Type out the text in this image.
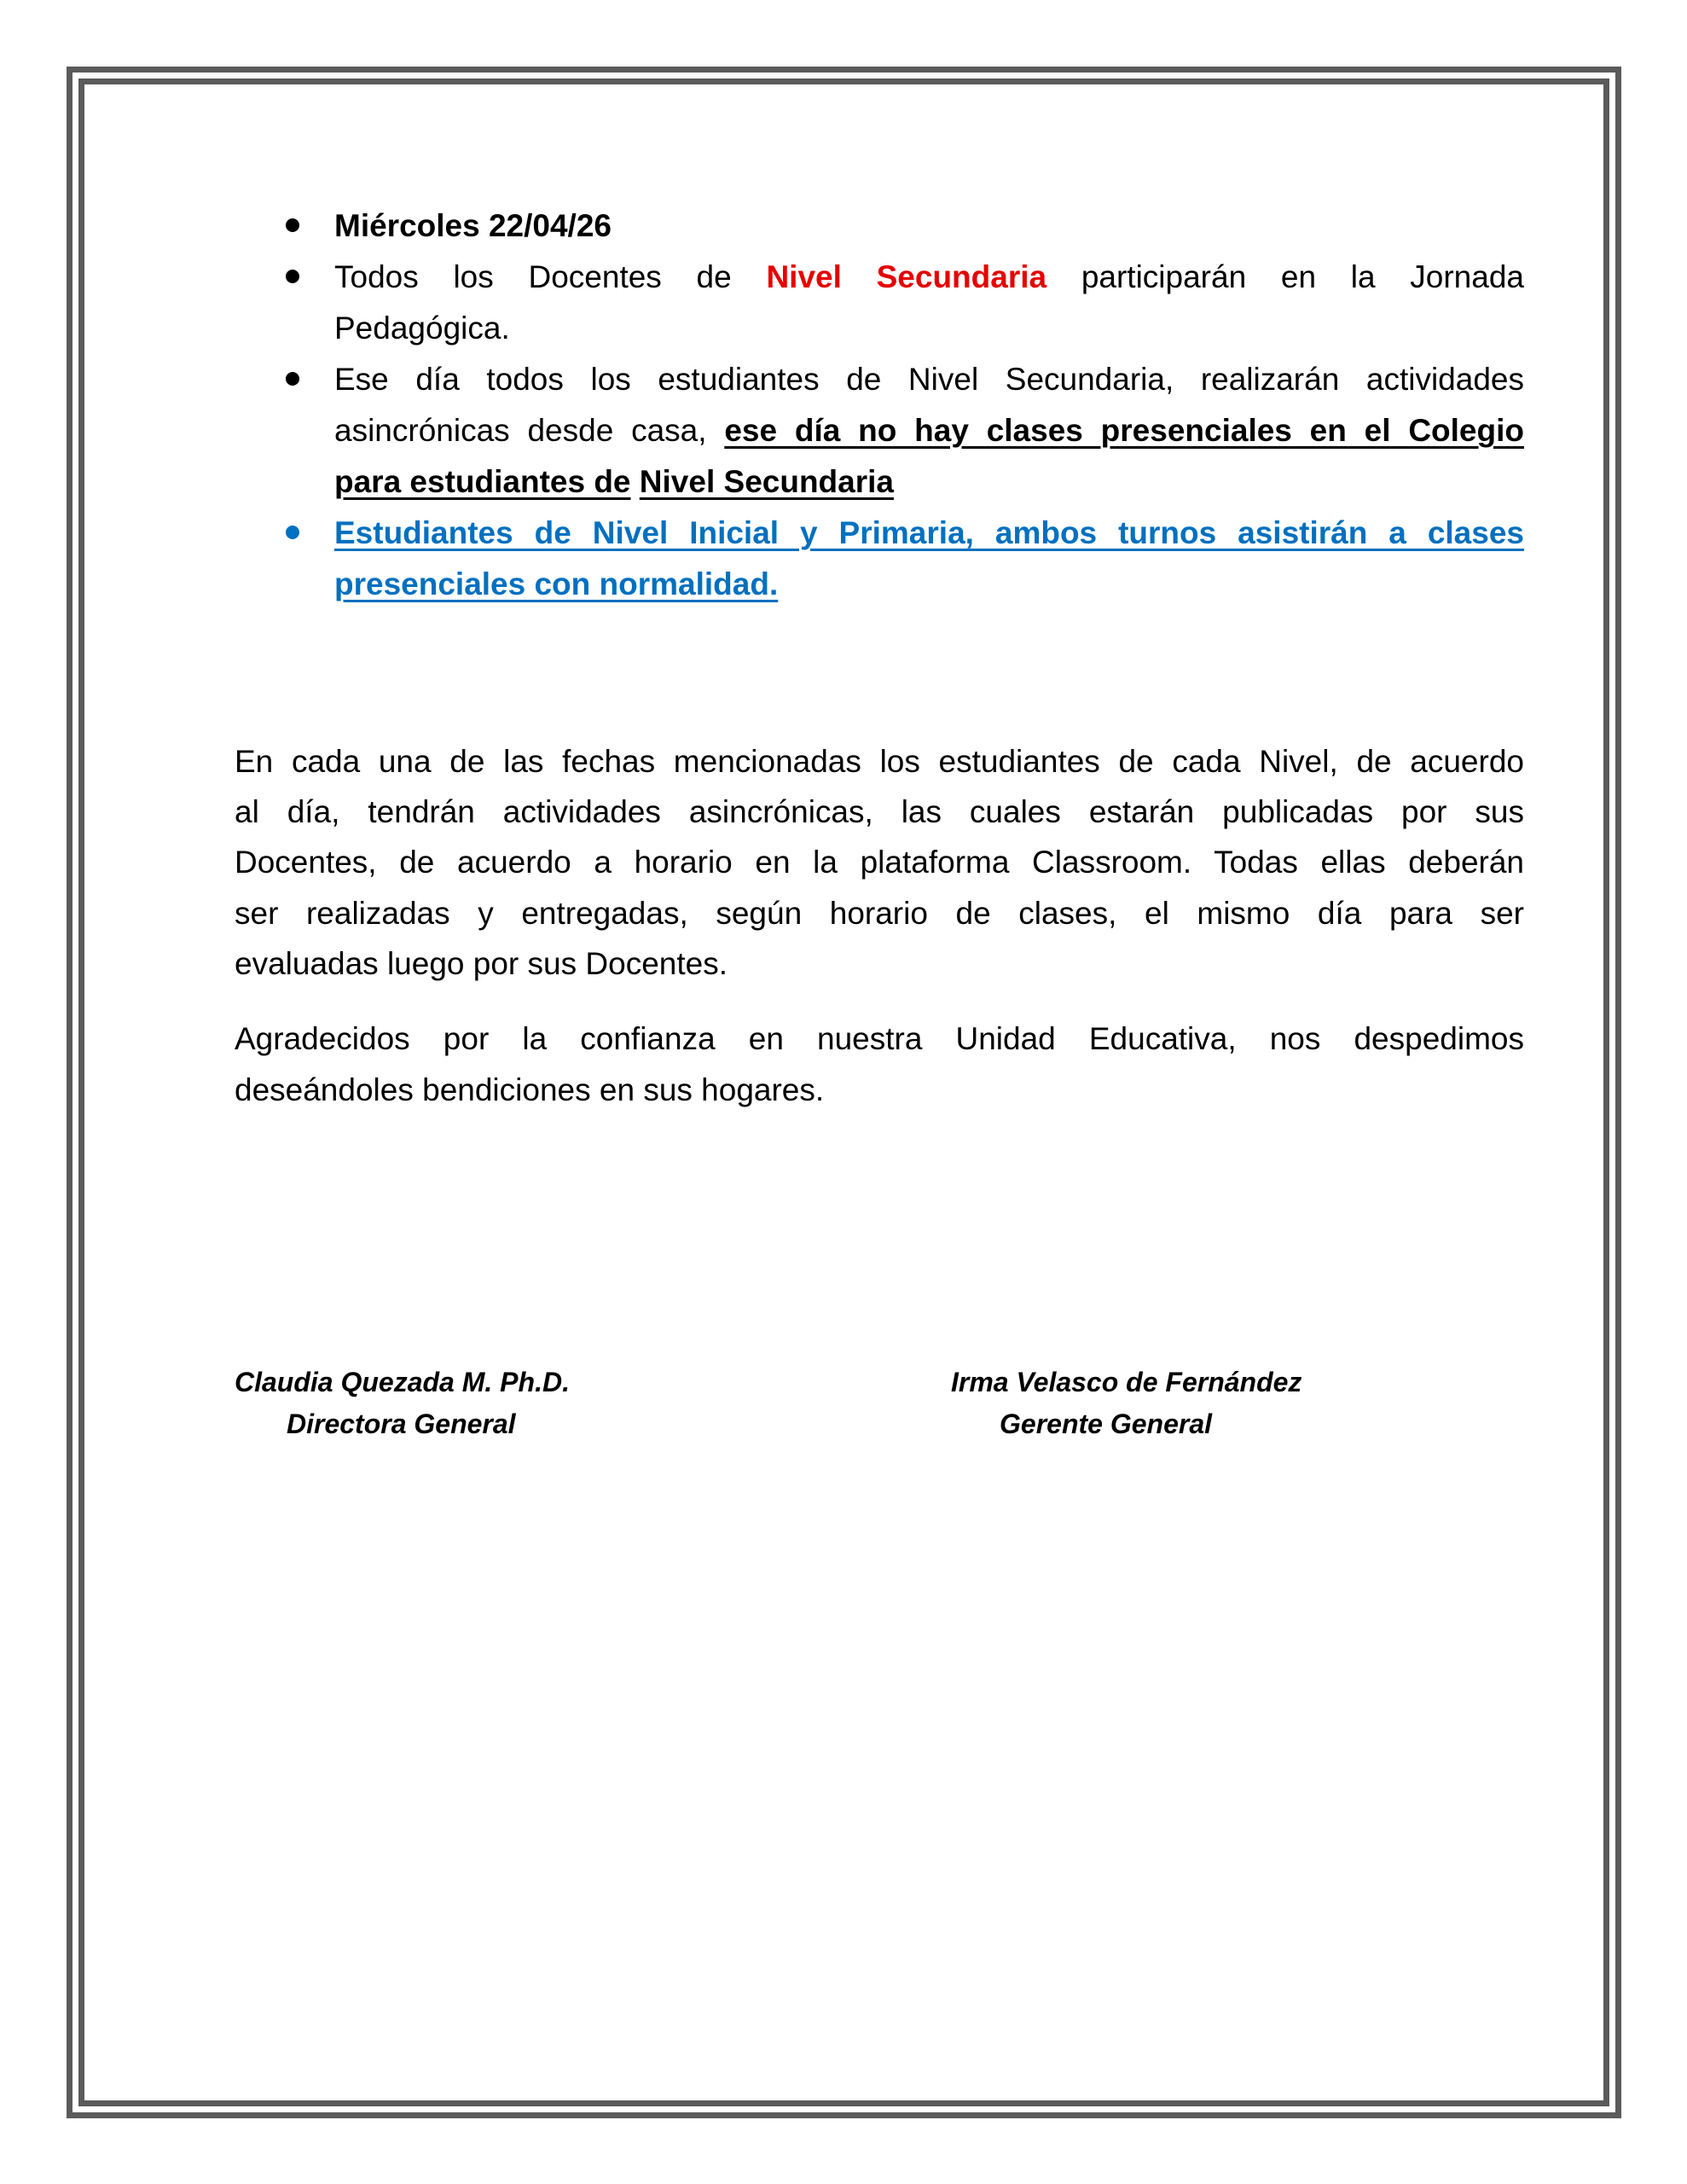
Miércoles 22/04/26
Todos los Docentes de Nivel Secundaria participarán en la Jornada
Pedagógica.
Ese día todos los estudiantes de Nivel Secundaria, realizarán actividades
asincrónicas desde casa, ese día no hay clases presenciales en el Colegio
para estudiantes de Nivel Secundaria
Estudiantes de Nivel Inicial y Primaria, ambos turnos asistirán a clases
presenciales con normalidad.
En cada una de las fechas mencionadas los estudiantes de cada Nivel, de acuerdo
al día, tendrán actividades asincrónicas, las cuales estarán publicadas por sus
Docentes, de acuerdo a horario en la plataforma Classroom. Todas ellas deberán
ser realizadas y entregadas, según horario de clases, el mismo día para ser
evaluadas luego por sus Docentes.
Agradecidos por la confianza en nuestra Unidad Educativa, nos despedimos
deseándoles bendiciones en sus hogares.
Claudia Quezada M. Ph.D.
Directora General
Irma Velasco de Fernández
Gerente General
